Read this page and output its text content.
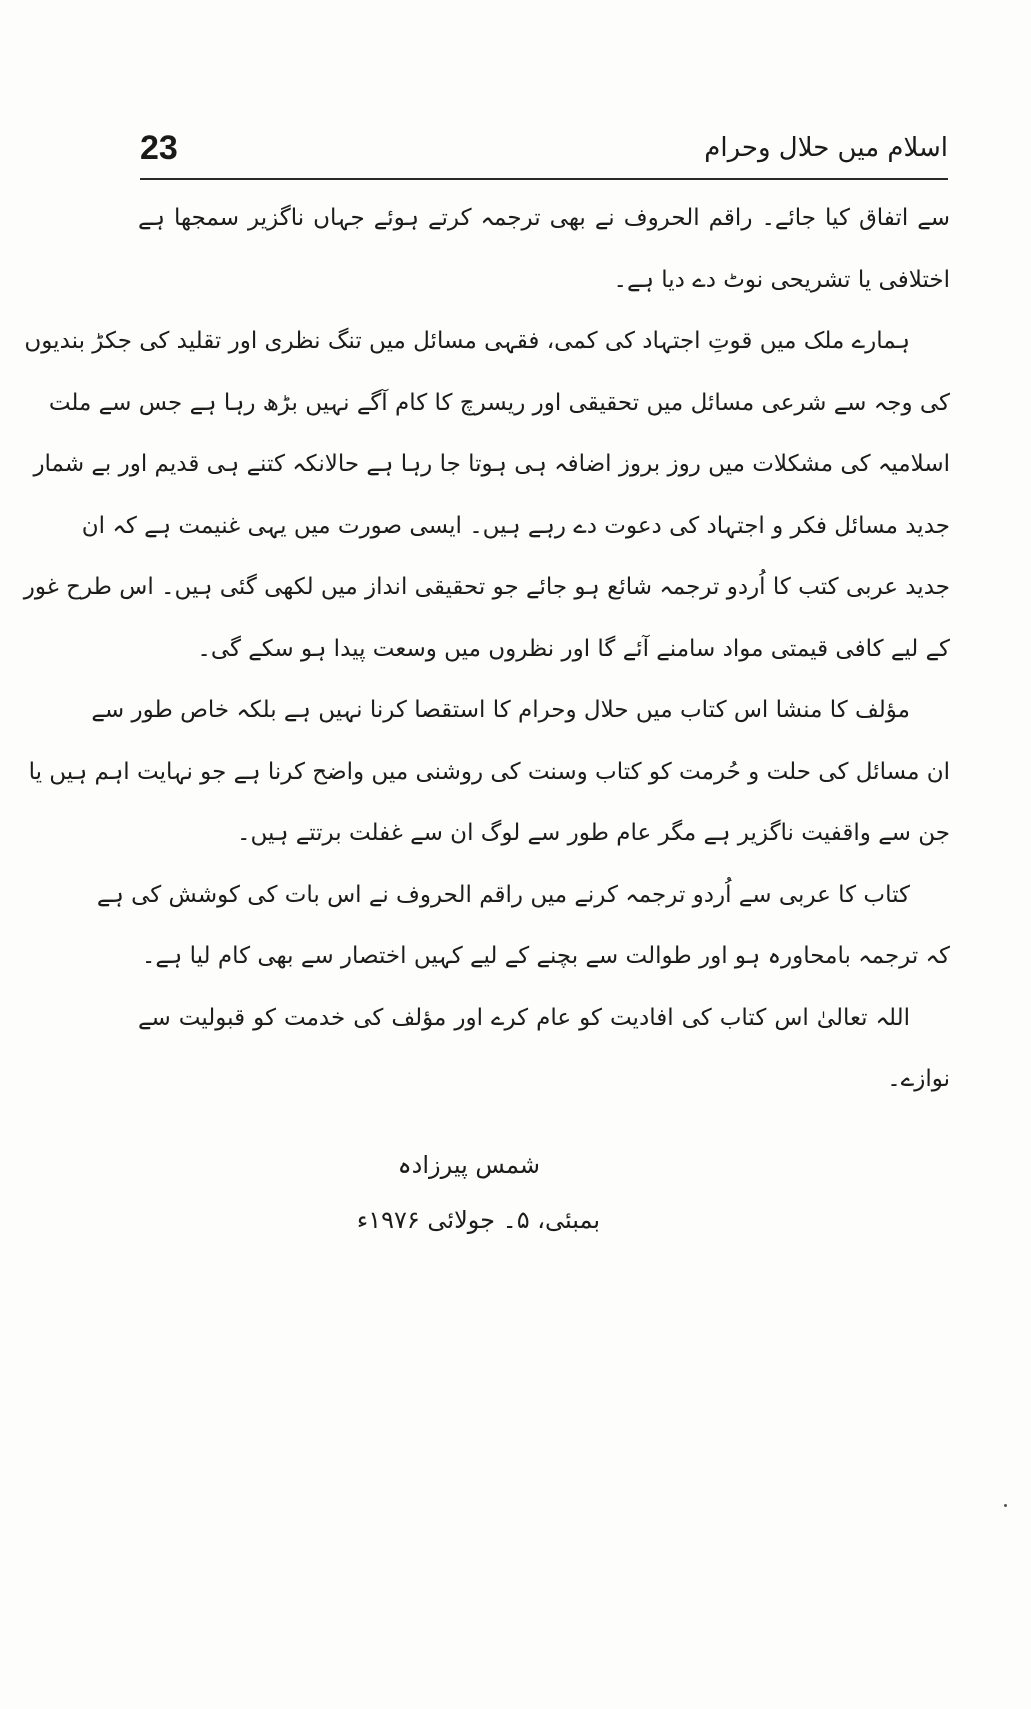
23	اسلام میں حلال وحرام

سے اتفاق کیا جائے۔ راقم الحروف نے بھی ترجمہ کرتے ہوئے جہاں ناگزیر سمجھا ہے
اختلافی یا تشریحی نوٹ دے دیا ہے۔

ہمارے ملک میں قوتِ اجتہاد کی کمی، فقہی مسائل میں تنگ نظری اور تقلید کی جکڑ بندیوں
کی وجہ سے شرعی مسائل میں تحقیقی اور ریسرچ کا کام آگے نہیں بڑھ رہا ہے جس سے ملت
اسلامیہ کی مشکلات میں روز بروز اضافہ ہی ہوتا جا رہا ہے حالانکہ کتنے ہی قدیم اور بے شمار
جدید مسائل فکر و اجتہاد کی دعوت دے رہے ہیں۔ ایسی صورت میں یہی غنیمت ہے کہ ان
جدید عربی کتب کا اُردو ترجمہ شائع ہو جائے جو تحقیقی انداز میں لکھی گئی ہیں۔ اس طرح غور
کے لیے کافی قیمتی مواد سامنے آئے گا اور نظروں میں وسعت پیدا ہو سکے گی۔

مؤلف کا منشا اس کتاب میں حلال وحرام کا استقصا کرنا نہیں ہے بلکہ خاص طور سے
ان مسائل کی حلت و حُرمت کو کتاب وسنت کی روشنی میں واضح کرنا ہے جو نہایت اہم ہیں یا
جن سے واقفیت ناگزیر ہے مگر عام طور سے لوگ ان سے غفلت برتتے ہیں۔

کتاب کا عربی سے اُردو ترجمہ کرنے میں راقم الحروف نے اس بات کی کوشش کی ہے
کہ ترجمہ بامحاورہ ہو اور طوالت سے بچنے کے لیے کہیں اختصار سے بھی کام لیا ہے۔

اللہ تعالیٰ اس کتاب کی افادیت کو عام کرے اور مؤلف کی خدمت کو قبولیت سے
نوازے۔

شمس پیرزادہ
بمبئی، ۵۔ جولائی ۱۹۷۶ء
